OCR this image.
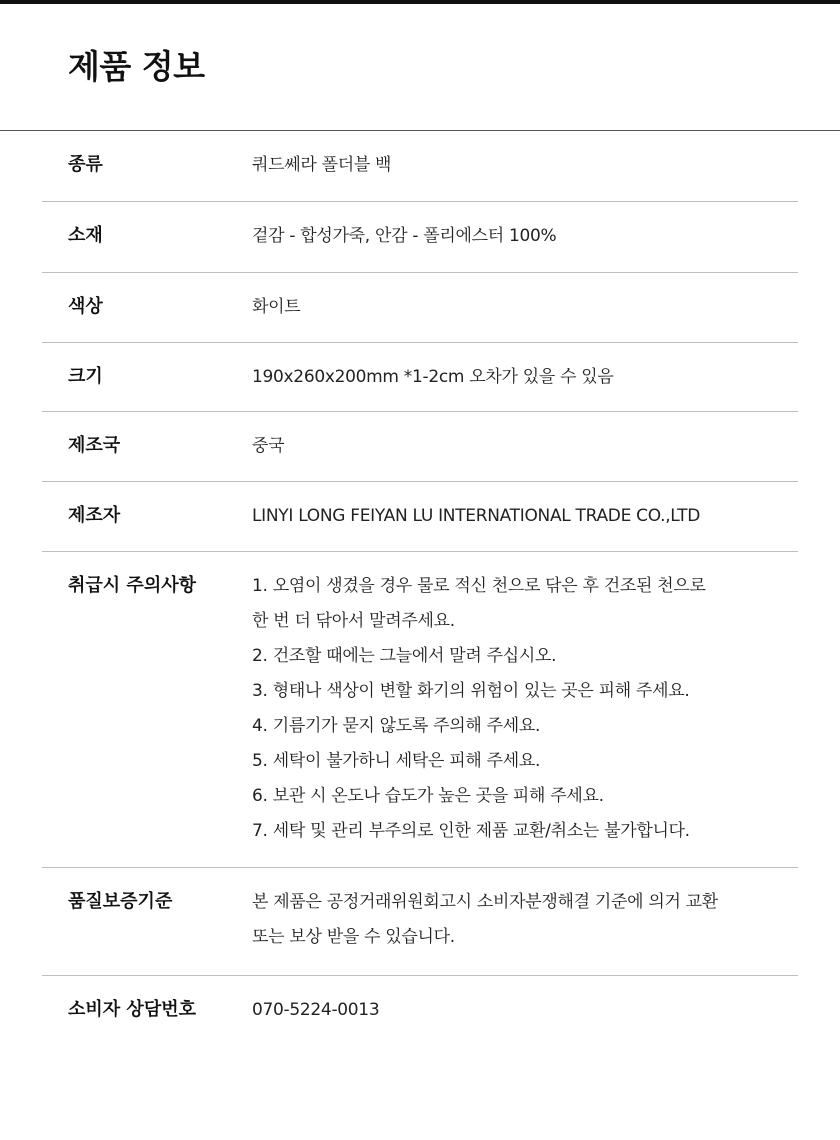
제품 정보
종류	쿼드쎄라 폴더블 백
소재	겉감 - 합성가죽, 안감 - 폴리에스터 100%
색상	화이트
크기	190x260x200mm *1-2cm 오차가 있을 수 있음
제조국	중국
제조자	LINYI LONG FEIYAN LU INTERNATIONAL TRADE CO.,LTD
취급시 주의사항	1. 오염이 생겼을 경우 물로 적신 천으로 닦은 후 건조된 천으로
한 번 더 닦아서 말려주세요.
2. 건조할 때에는 그늘에서 말려 주십시오.
3. 형태나 색상이 변할 화기의 위험이 있는 곳은 피해 주세요.
4. 기름기가 묻지 않도록 주의해 주세요.
5. 세탁이 불가하니 세탁은 피해 주세요.
6. 보관 시 온도나 습도가 높은 곳을 피해 주세요.
7. 세탁 및 관리 부주의로 인한 제품 교환/취소는 불가합니다.
품질보증기준	본 제품은 공정거래위원회고시 소비자분쟁해결 기준에 의거 교환
또는 보상 받을 수 있습니다.
소비자 상담번호	070-5224-0013
